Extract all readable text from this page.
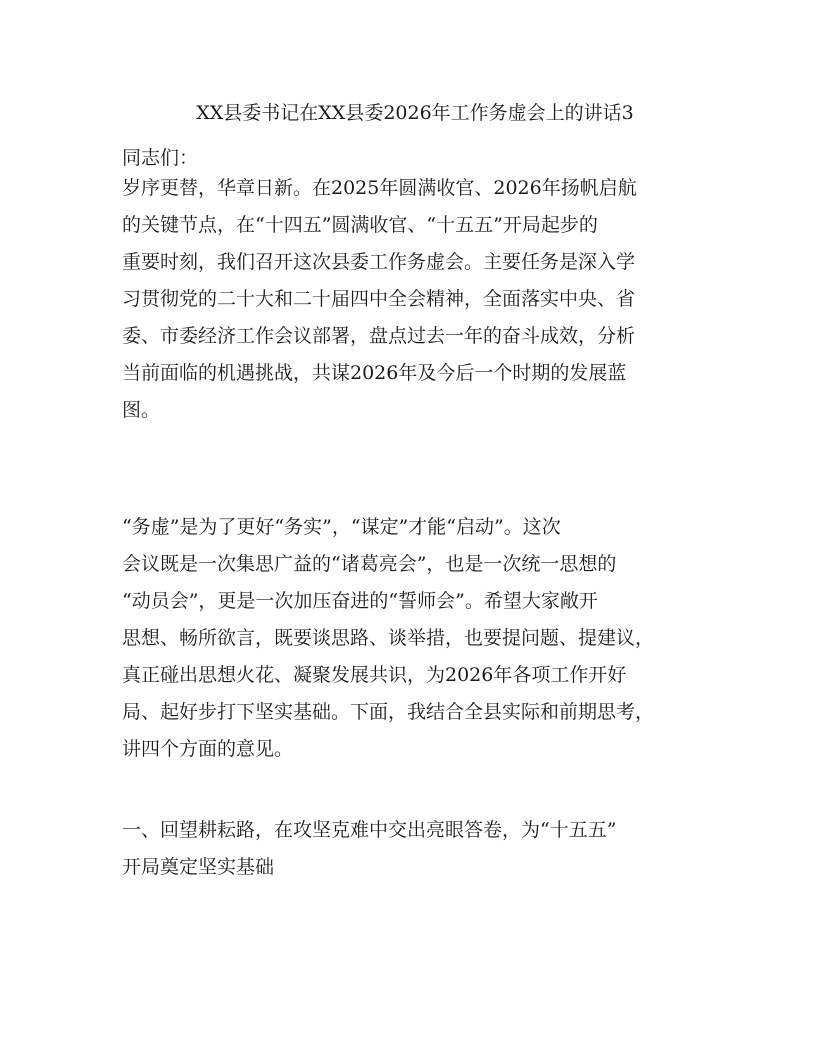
XX县委书记在XX县委2026年工作务虚会上的讲话3

同志们：

岁序更替，华章日新。在2025年圆满收官、2026年扬帆启航
的关键节点，在“十四五”圆满收官、“十五五”开局起步的
重要时刻，我们召开这次县委工作务虚会。主要任务是深入学
习贯彻党的二十大和二十届四中全会精神，全面落实中央、省
委、市委经济工作会议部署，盘点过去一年的奋斗成效，分析
当前面临的机遇挑战，共谋2026年及今后一个时期的发展蓝
图。
“务虚”是为了更好“务实”，“谋定”才能“启动”。这次
会议既是一次集思广益的“诸葛亮会”，也是一次统一思想的
“动员会”，更是一次加压奋进的“誓师会”。希望大家敞开
思想、畅所欲言，既要谈思路、谈举措，也要提问题、提建议，
真正碰出思想火花、凝聚发展共识，为2026年各项工作开好
局、起好步打下坚实基础。下面，我结合全县实际和前期思考，
讲四个方面的意见。
一、回望耕耘路，在攻坚克难中交出亮眼答卷，为“十五五”
开局奠定坚实基础
